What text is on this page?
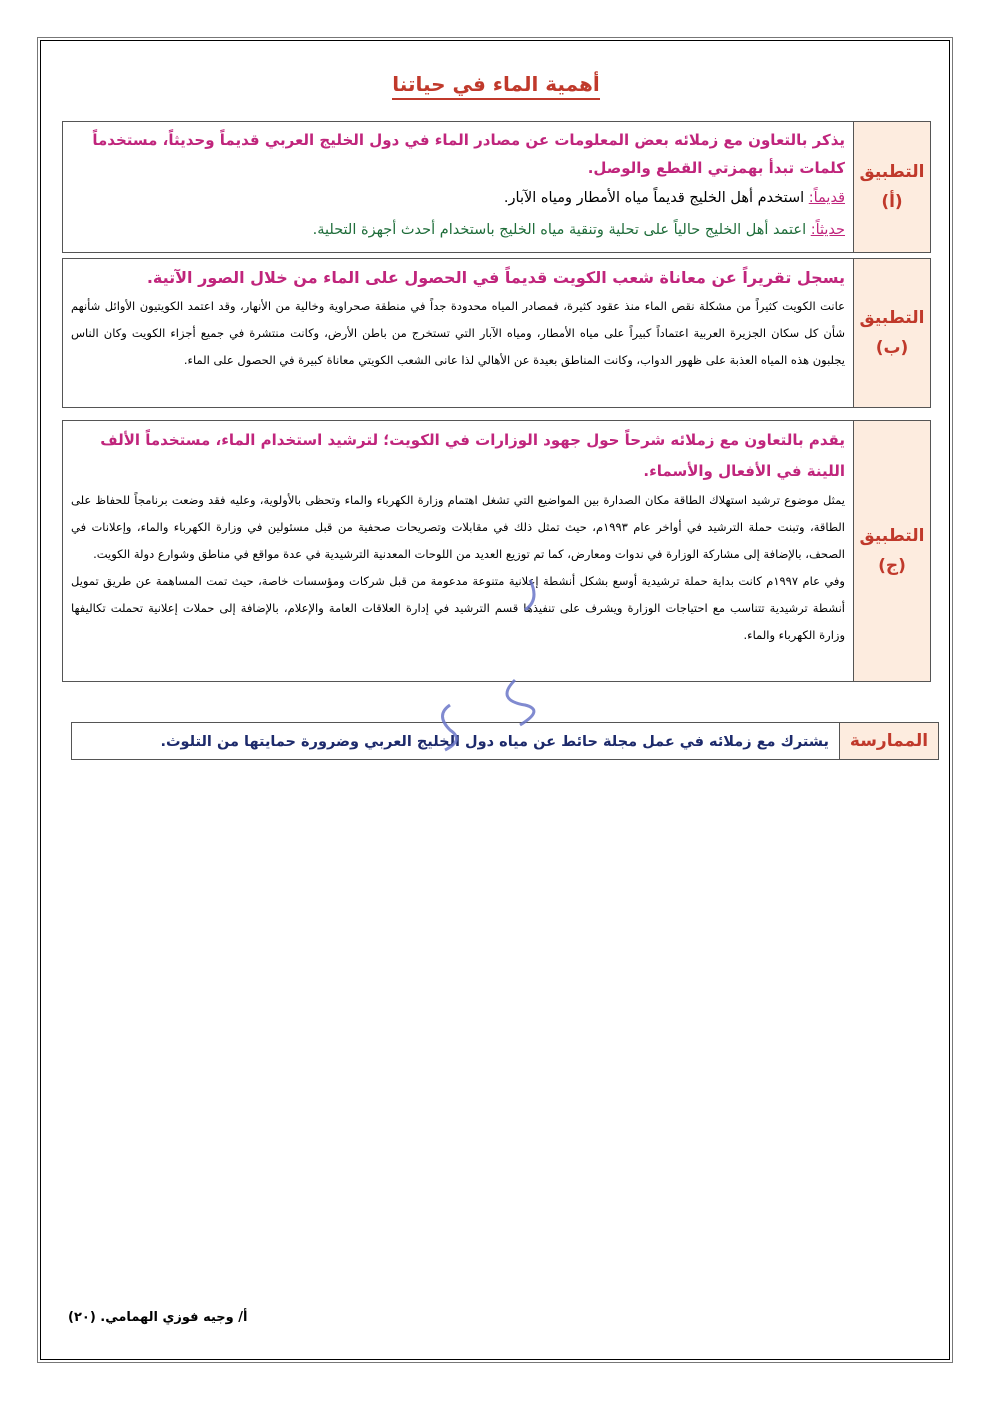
أهمية الماء في حياتنا
التطبيق
(أ)
يذكر بالتعاون مع زملائه بعض المعلومات عن مصادر الماء في دول الخليج العربي قديماً وحديثاً، مستخدماً كلمات تبدأ بهمزتي القطع والوصل.
قديماً: استخدم أهل الخليج قديماً مياه الأمطار ومياه الآبار.
حديثاً: اعتمد أهل الخليج حالياً على تحلية وتنقية مياه الخليج باستخدام أحدث أجهزة التحلية.
التطبيق
(ب)
يسجل تقريراً عن معاناة شعب الكويت قديماً في الحصول على الماء من خلال الصور الآتية.
عانت الكويت كثيراً من مشكلة نقص الماء منذ عقود كثيرة، فمصادر المياه محدودة جداً في منطقة صحراوية وخالية من الأنهار، وقد اعتمد الكويتيون الأوائل شأنهم شأن كل سكان الجزيرة العربية اعتماداً كبيراً على مياه الأمطار، ومياه الآبار التي تستخرج من باطن الأرض، وكانت منتشرة في جميع أجزاء الكويت وكان الناس يجلبون هذه المياه العذبة على ظهور الدواب، وكانت المناطق بعيدة عن الأهالي لذا عانى الشعب الكويتي معاناة كبيرة في الحصول على الماء.
التطبيق
(ج)
يقدم بالتعاون مع زملائه شرحاً حول جهود الوزارات في الكويت؛ لترشيد استخدام الماء، مستخدماً الألف اللينة في الأفعال والأسماء.
يمثل موضوع ترشيد استهلاك الطاقة مكان الصدارة بين المواضيع التي تشغل اهتمام وزارة الكهرباء والماء وتحظى بالأولوية، وعليه فقد وضعت برنامجاً للحفاظ على الطاقة، وتبنت حملة الترشيد في أواخر عام ١٩٩٣م، حيث تمثل ذلك في مقابلات وتصريحات صحفية من قبل مسئولين في وزارة الكهرباء والماء، وإعلانات في الصحف، بالإضافة إلى مشاركة الوزارة في ندوات ومعارض، كما تم توزيع العديد من اللوحات المعدنية الترشيدية في عدة مواقع في مناطق وشوارع دولة الكويت.
وفي عام ١٩٩٧م كانت بداية حملة ترشيدية أوسع بشكل أنشطة إعلانية متنوعة مدعومة من قبل شركات ومؤسسات خاصة، حيث تمت المساهمة عن طريق تمويل أنشطة ترشيدية تتناسب مع احتياجات الوزارة ويشرف على تنفيذها قسم الترشيد في إدارة العلاقات العامة والإعلام، بالإضافة إلى حملات إعلانية تحملت تكاليفها وزارة الكهرباء والماء.
الممارسة
يشترك مع زملائه في عمل مجلة حائط عن مياه دول الخليج العربي وضرورة حمايتها من التلوث.
أ/ وجيه فوزي الهمامي. (٢٠)
